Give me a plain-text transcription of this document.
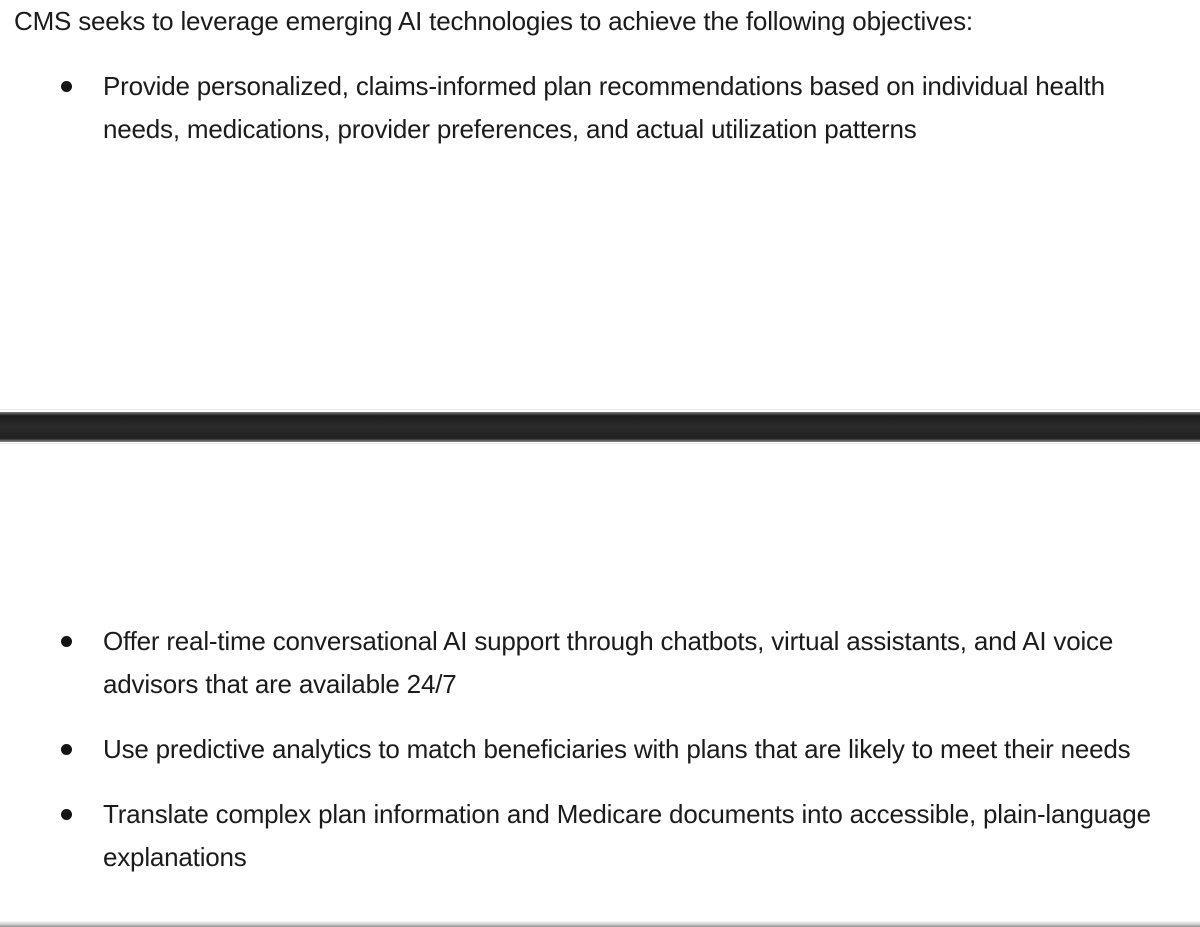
CMS seeks to leverage emerging AI technologies to achieve the following objectives:

Provide personalized, claims-informed plan recommendations based on individual health needs, medications, provider preferences, and actual utilization patterns
Offer real-time conversational AI support through chatbots, virtual assistants, and AI voice advisors that are available 24/7
Use predictive analytics to match beneficiaries with plans that are likely to meet their needs
Translate complex plan information and Medicare documents into accessible, plain-language explanations
